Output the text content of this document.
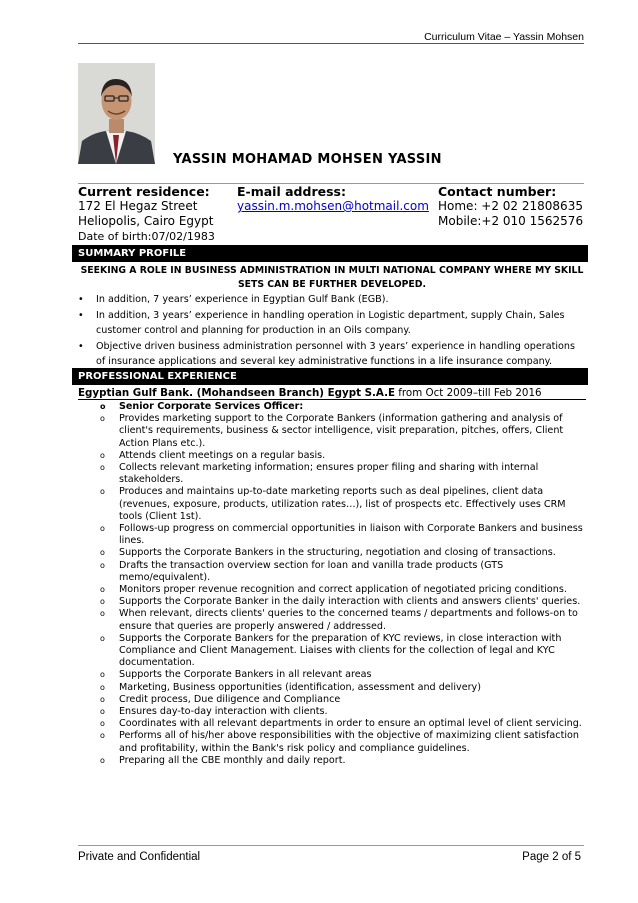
Curriculum Vitae – Yassin Mohsen
YASSIN MOHAMAD MOHSEN YASSIN
Current residence:
172 El Hegaz Street
Heliopolis, Cairo Egypt
E-mail address:
yassin.m.mohsen@hotmail.com
Contact number:
Home: +2 02 21808635
Mobile:+2 010 1562576
Date of birth:07/02/1983
SUMMARY PROFILE
SEEKING A ROLE IN BUSINESS ADMINISTRATION IN MULTI NATIONAL COMPANY WHERE MY SKILL SETS CAN BE FURTHER DEVELOPED.
• In addition, 7 years’ experience in Egyptian Gulf Bank (EGB).
• In addition, 3 years’ experience in handling operation in Logistic department, supply Chain, Sales customer control and planning for production in an Oils company.
• Objective driven business administration personnel with 3 years’ experience in handling operations of insurance applications and several key administrative functions in a life insurance company.
PROFESSIONAL EXPERIENCE
Egyptian Gulf Bank. (Mohandseen Branch) Egypt S.A.E from Oct 2009–till Feb 2016
o Senior Corporate Services Officer:
o Provides marketing support to the Corporate Bankers (information gathering and analysis of client's requirements, business & sector intelligence, visit preparation, pitches, offers, Client Action Plans etc.).
o Attends client meetings on a regular basis.
o Collects relevant marketing information; ensures proper filing and sharing with internal stakeholders.
o Produces and maintains up-to-date marketing reports such as deal pipelines, client data (revenues, exposure, products, utilization rates…), list of prospects etc. Effectively uses CRM tools (Client 1st).
o Follows-up progress on commercial opportunities in liaison with Corporate Bankers and business lines.
o Supports the Corporate Bankers in the structuring, negotiation and closing of transactions.
o Drafts the transaction overview section for loan and vanilla trade products (GTS memo/equivalent).
o Monitors proper revenue recognition and correct application of negotiated pricing conditions.
o Supports the Corporate Banker in the daily interaction with clients and answers clients' queries.
o When relevant, directs clients' queries to the concerned teams / departments and follows-on to ensure that queries are properly answered / addressed.
o Supports the Corporate Bankers for the preparation of KYC reviews, in close interaction with Compliance and Client Management. Liaises with clients for the collection of legal and KYC documentation.
o Supports the Corporate Bankers in all relevant areas
o Marketing, Business opportunities (identification, assessment and delivery)
o Credit process, Due diligence and Compliance
o Ensures day-to-day interaction with clients.
o Coordinates with all relevant departments in order to ensure an optimal level of client servicing.
o Performs all of his/her above responsibilities with the objective of maximizing client satisfaction and profitability, within the Bank's risk policy and compliance guidelines.
o Preparing all the CBE monthly and daily report.
Private and Confidential	Page 2 of 5
